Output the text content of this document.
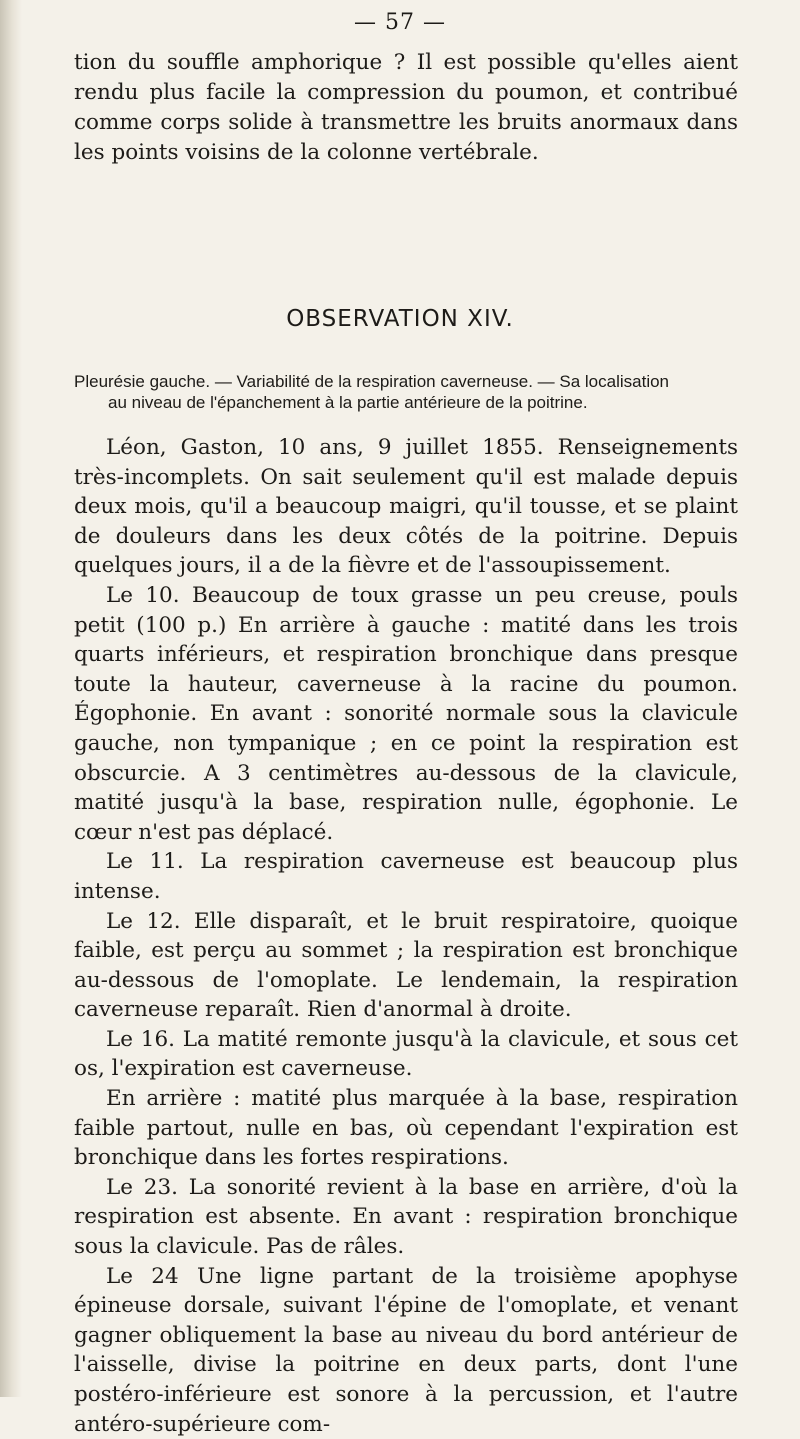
— 57 —
tion du souffle amphorique ? Il est possible qu'elles aient rendu plus facile la compression du poumon, et contribué comme corps solide à transmettre les bruits anormaux dans les points voisins de la colonne vertébrale.
OBSERVATION XIV.
Pleurésie gauche. — Variabilité de la respiration caverneuse. — Sa localisation
au niveau de l'épanchement à la partie antérieure de la poitrine.

Léon, Gaston, 10 ans, 9 juillet 1855. Renseignements très-incomplets. On sait seulement qu'il est malade depuis deux mois, qu'il a beaucoup maigri, qu'il tousse, et se plaint de douleurs dans les deux côtés de la poitrine. Depuis quelques jours, il a de la fièvre et de l'assoupissement.

Le 10. Beaucoup de toux grasse un peu creuse, pouls petit (100 p.) En arrière à gauche : matité dans les trois quarts inférieurs, et respiration bronchique dans presque toute la hauteur, caverneuse à la racine du poumon. Égophonie. En avant : sonorité normale sous la clavicule gauche, non tympanique ; en ce point la respiration est obscurcie. A 3 centimètres au-dessous de la clavicule, matité jusqu'à la base, respiration nulle, égophonie. Le cœur n'est pas déplacé.

Le 11. La respiration caverneuse est beaucoup plus intense.

Le 12. Elle disparaît, et le bruit respiratoire, quoique faible, est perçu au sommet ; la respiration est bronchique au-dessous de l'omoplate. Le lendemain, la respiration caverneuse reparaît. Rien d'anormal à droite.

Le 16. La matité remonte jusqu'à la clavicule, et sous cet os, l'expiration est caverneuse.

En arrière : matité plus marquée à la base, respiration faible partout, nulle en bas, où cependant l'expiration est bronchique dans les fortes respirations.

Le 23. La sonorité revient à la base en arrière, d'où la respiration est absente. En avant : respiration bronchique sous la clavicule. Pas de râles.

Le 24 Une ligne partant de la troisième apophyse épineuse dorsale, suivant l'épine de l'omoplate, et venant gagner obliquement la base au niveau du bord antérieur de l'aisselle, divise la poitrine en deux parts, dont l'une postéro-inférieure est sonore à la percussion, et l'autre antéro-supérieure com-
